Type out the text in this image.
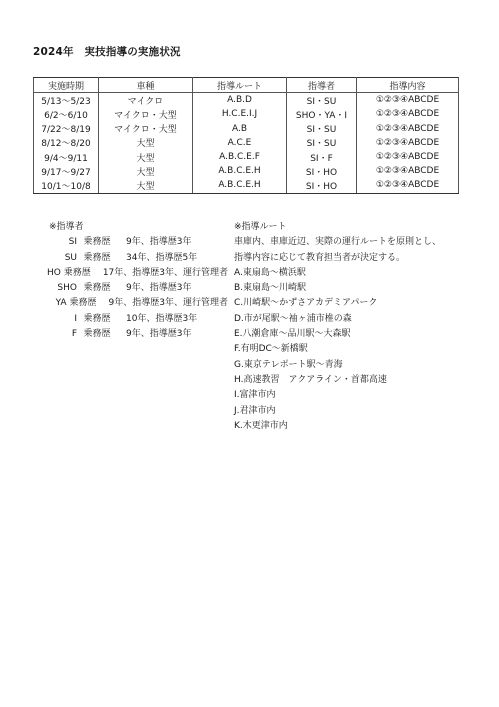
2024年　実技指導の実施状況
実施時期	車種	指導ルート	指導者	指導内容
5/13〜5/23	マイクロ	A.B.D	SI・SU	①②③④ABCDE
6/2〜6/10	マイクロ・大型	H.C.E.I.J	SHO・YA・I	①②③④ABCDE
7/22〜8/19	マイクロ・大型	A.B	SI・SU	①②③④ABCDE
8/12〜8/20	大型	A.C.E	SI・SU	①②③④ABCDE
9/4〜9/11	大型	A.B.C.E.F	SI・F	①②③④ABCDE
9/17〜9/27	大型	A.B.C.E.H	SI・HO	①②③④ABCDE
10/1〜10/8	大型	A.B.C.E.H	SI・HO	①②③④ABCDE
※指導者
SI 乗務歴	9年、指導歴3年
SU 乗務歴	34年、指導歴5年
HO 乗務歴 17年、指導歴3年、運行管理者
SHO 乗務歴	9年、指導歴3年
YA 乗務歴 9年、指導歴3年、運行管理者
I 乗務歴	10年、指導歴3年
F 乗務歴	9年、指導歴3年
※指導ルート
車庫内、車庫近辺、実際の運行ルートを原則とし、
指導内容に応じて教育担当者が決定する。
A.東扇島〜横浜駅
B.東扇島〜川崎駅
C.川崎駅〜かずさアカデミアパーク
D.市が尾駅〜袖ヶ浦市椎の森
E.八潮倉庫〜品川駅〜大森駅
F.有明DC〜新橋駅
G.東京テレポート駅〜青海
H.高速教習　アクアライン・首都高速
I.富津市内
J.君津市内
K.木更津市内
